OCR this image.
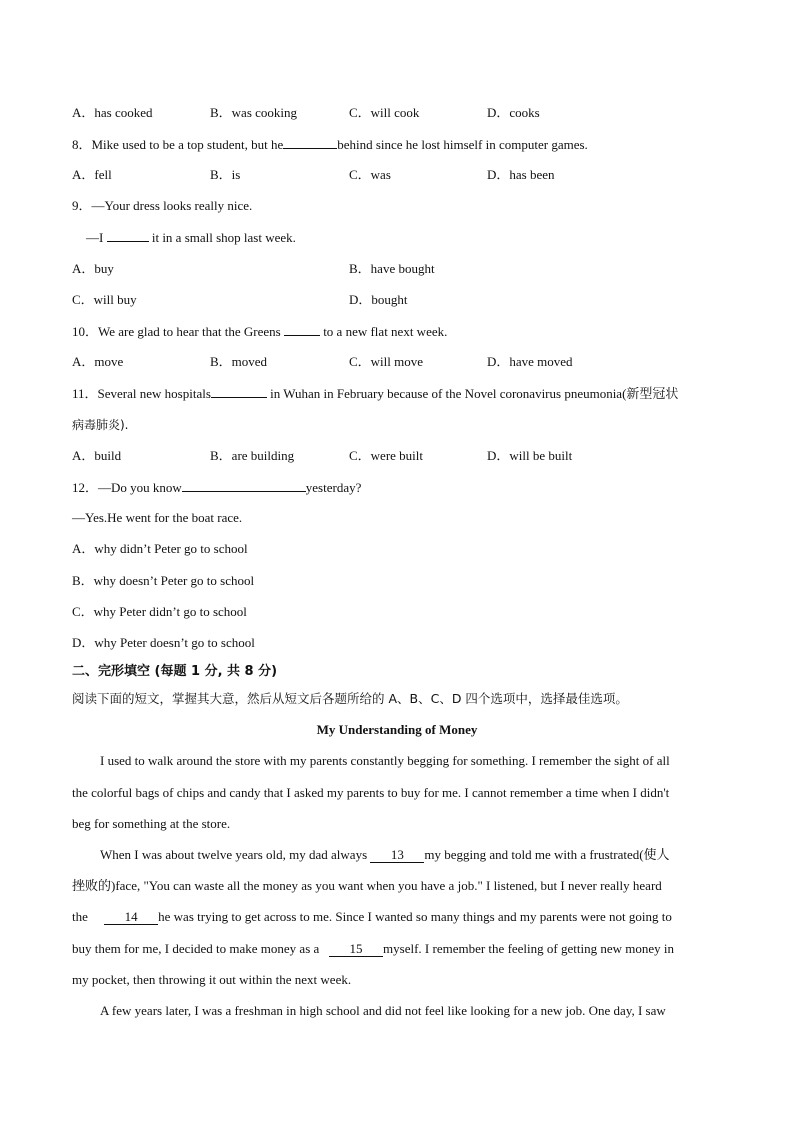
A．has cooked	B．was cooking	C．will cook	D．cooks
8．Mike used to be a top student, but he	behind since he lost himself in computer games.
A．fell	B．is	C．was	D．has been
9．—Your dress looks really nice.
—I	it in a small shop last week.
A．buy	B．have bought
C．will buy	D．bought
10．We are glad to hear that the Greens	to a new flat next week.
A．move	B．moved	C．will move	D．have moved
11．Several new hospitals	in Wuhan in February because of the Novel coronavirus pneumonia(新型冠状
病毒肺炎).
A．build	B．are building	C．were built	D．will be built
12．—Do you know	yesterday?
—Yes.He went for the boat race.
A．why didn’t Peter go to school
B．why doesn’t Peter go to school
C．why Peter didn’t go to school
D．why Peter doesn’t go to school
二、完形填空 (每题 1 分, 共 8 分)
阅读下面的短文，掌握其大意，然后从短文后各题所给的 A、B、C、D 四个选项中，选择最佳选项。
My Understanding of Money
I used to walk around the store with my parents constantly begging for something. I remember the sight of all
the colorful bags of chips and candy that I asked my parents to buy for me. I cannot remember a time when I didn't
beg for something at the store.
When I was about twelve years old, my dad always 13 my begging and told me with a frustrated(使人
挫败的)face, "You can waste all the money as you want when you have a job." I listened, but I never really heard
the	14 he was trying to get across to me. Since I wanted so many things and my parents were not going to
buy them for me, I decided to make money as a 15 myself. I remember the feeling of getting new money in
my pocket, then throwing it out within the next week.
A few years later, I was a freshman in high school and did not feel like looking for a new job. One day, I saw
